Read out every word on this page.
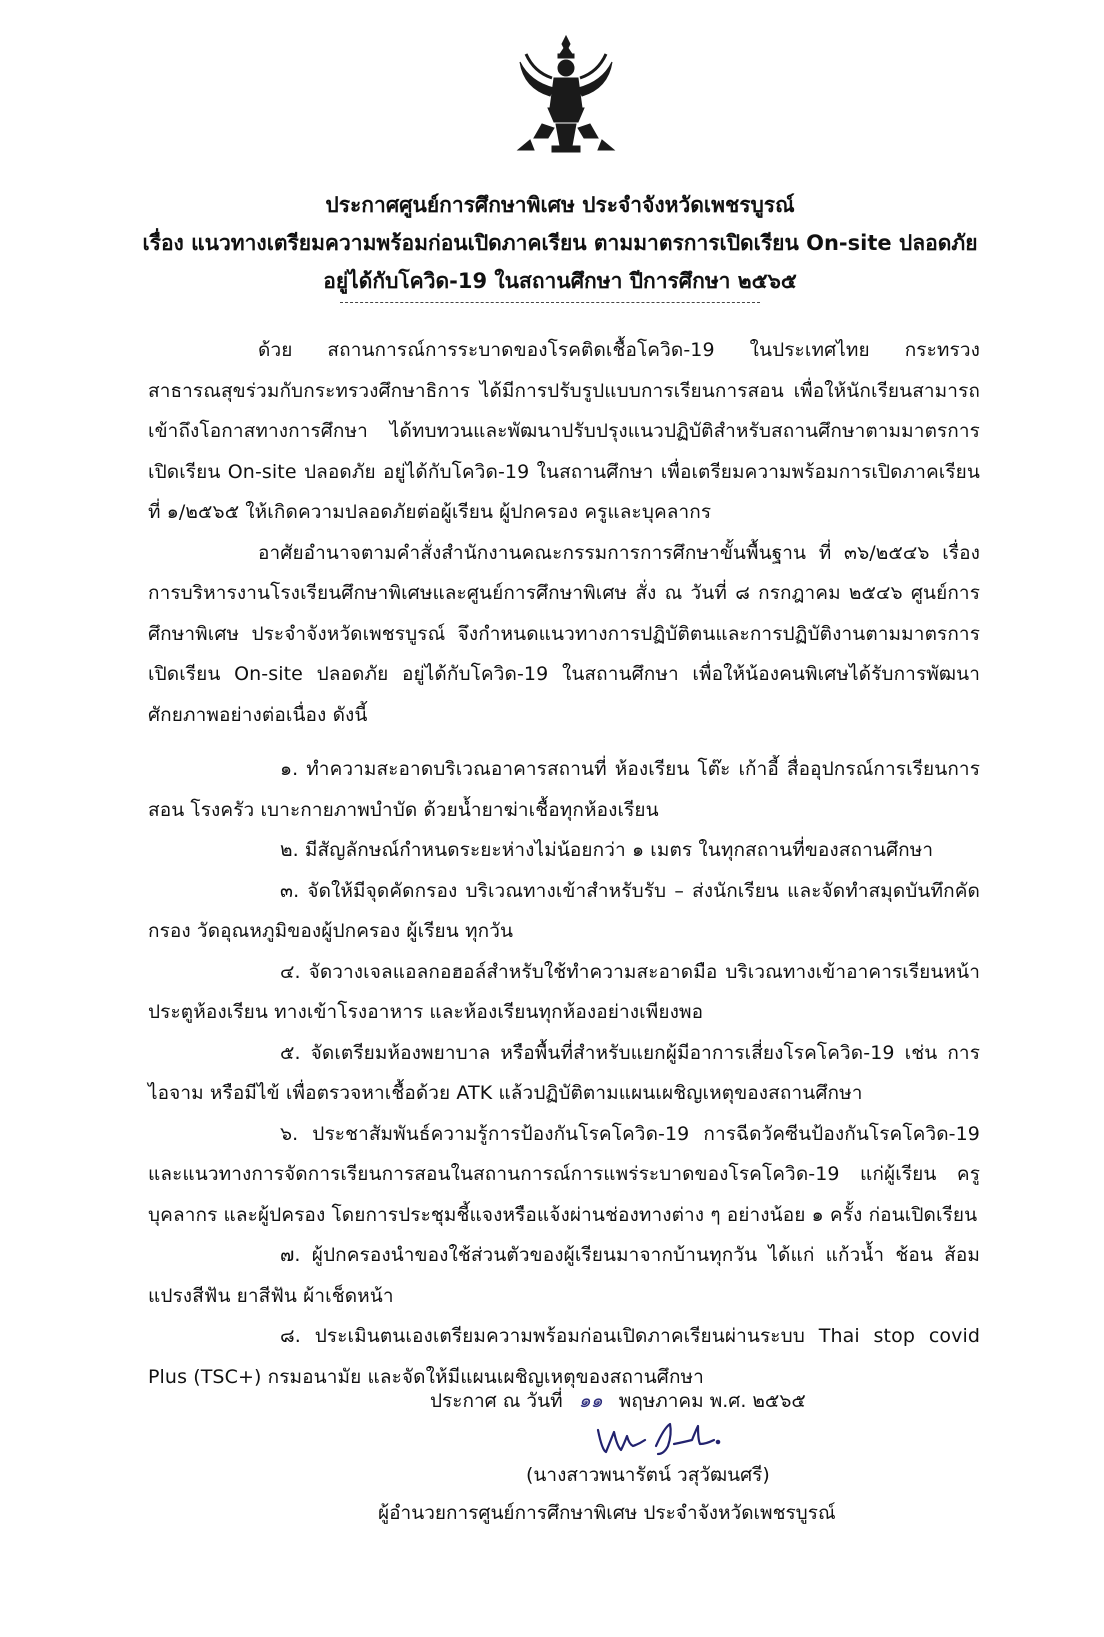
ประกาศศูนย์การศึกษาพิเศษ ประจำจังหวัดเพชรบูรณ์
เรื่อง แนวทางเตรียมความพร้อมก่อนเปิดภาคเรียน ตามมาตรการเปิดเรียน On-site ปลอดภัย
อยู่ได้กับโควิด-19 ในสถานศึกษา ปีการศึกษา ๒๕๖๕

ด้วย สถานการณ์การระบาดของโรคติดเชื้อโควิด-19 ในประเทศไทย กระทรวงสาธารณสุขร่วมกับกระทรวงศึกษาธิการ ได้มีการปรับรูปแบบการเรียนการสอน เพื่อให้นักเรียนสามารถเข้าถึงโอกาสทางการศึกษา ได้ทบทวนและพัฒนาปรับปรุงแนวปฏิบัติสำหรับสถานศึกษาตามมาตรการเปิดเรียน On-site ปลอดภัย อยู่ได้กับโควิด-19 ในสถานศึกษา เพื่อเตรียมความพร้อมการเปิดภาคเรียนที่ ๑/๒๕๖๕ ให้เกิดความปลอดภัยต่อผู้เรียน ผู้ปกครอง ครูและบุคลากร

อาศัยอำนาจตามคำสั่งสำนักงานคณะกรรมการการศึกษาขั้นพื้นฐาน ที่ ๓๖/๒๕๔๖ เรื่อง การบริหารงานโรงเรียนศึกษาพิเศษและศูนย์การศึกษาพิเศษ สั่ง ณ วันที่ ๘ กรกฎาคม ๒๕๔๖ ศูนย์การศึกษาพิเศษ ประจำจังหวัดเพชรบูรณ์ จึงกำหนดแนวทางการปฏิบัติตนและการปฏิบัติงานตามมาตรการเปิดเรียน On-site ปลอดภัย อยู่ได้กับโควิด-19 ในสถานศึกษา เพื่อให้น้องคนพิเศษได้รับการพัฒนาศักยภาพอย่างต่อเนื่อง ดังนี้

๑. ทำความสะอาดบริเวณอาคารสถานที่ ห้องเรียน โต๊ะ เก้าอี้ สื่ออุปกรณ์การเรียนการสอน โรงครัว เบาะกายภาพบำบัด ด้วยน้ำยาฆ่าเชื้อทุกห้องเรียน

๒. มีสัญลักษณ์กำหนดระยะห่างไม่น้อยกว่า ๑ เมตร ในทุกสถานที่ของสถานศึกษา

๓. จัดให้มีจุดคัดกรอง บริเวณทางเข้าสำหรับรับ – ส่งนักเรียน และจัดทำสมุดบันทึกคัดกรอง วัดอุณหภูมิของผู้ปกครอง ผู้เรียน ทุกวัน

๔. จัดวางเจลแอลกอฮอล์สำหรับใช้ทำความสะอาดมือ บริเวณทางเข้าอาคารเรียนหน้าประตูห้องเรียน ทางเข้าโรงอาหาร และห้องเรียนทุกห้องอย่างเพียงพอ

๕. จัดเตรียมห้องพยาบาล หรือพื้นที่สำหรับแยกผู้มีอาการเสี่ยงโรคโควิด-19 เช่น การไอจาม หรือมีไข้ เพื่อตรวจหาเชื้อด้วย ATK แล้วปฏิบัติตามแผนเผชิญเหตุของสถานศึกษา

๖. ประชาสัมพันธ์ความรู้การป้องกันโรคโควิด-19 การฉีดวัคซีนป้องกันโรคโควิด-19 และแนวทางการจัดการเรียนการสอนในสถานการณ์การแพร่ระบาดของโรคโควิด-19 แก่ผู้เรียน ครูบุคลากร และผู้ปครอง โดยการประชุมชี้แจงหรือแจ้งผ่านช่องทางต่าง ๆ อย่างน้อย ๑ ครั้ง ก่อนเปิดเรียน

๗. ผู้ปกครองนำของใช้ส่วนตัวของผู้เรียนมาจากบ้านทุกวัน ได้แก่ แก้วน้ำ ช้อน ส้อมแปรงสีฟัน ยาสีฟัน ผ้าเช็ดหน้า

๘. ประเมินตนเองเตรียมความพร้อมก่อนเปิดภาคเรียนผ่านระบบ Thai stop covid Plus (TSC+) กรมอนามัย และจัดให้มีแผนเผชิญเหตุของสถานศึกษา

ประกาศ ณ วันที่ ๑๑ พฤษภาคม พ.ศ. ๒๕๖๕
(นางสาวพนารัตน์ วสุวัฒนศรี)
ผู้อำนวยการศูนย์การศึกษาพิเศษ ประจำจังหวัดเพชรบูรณ์
